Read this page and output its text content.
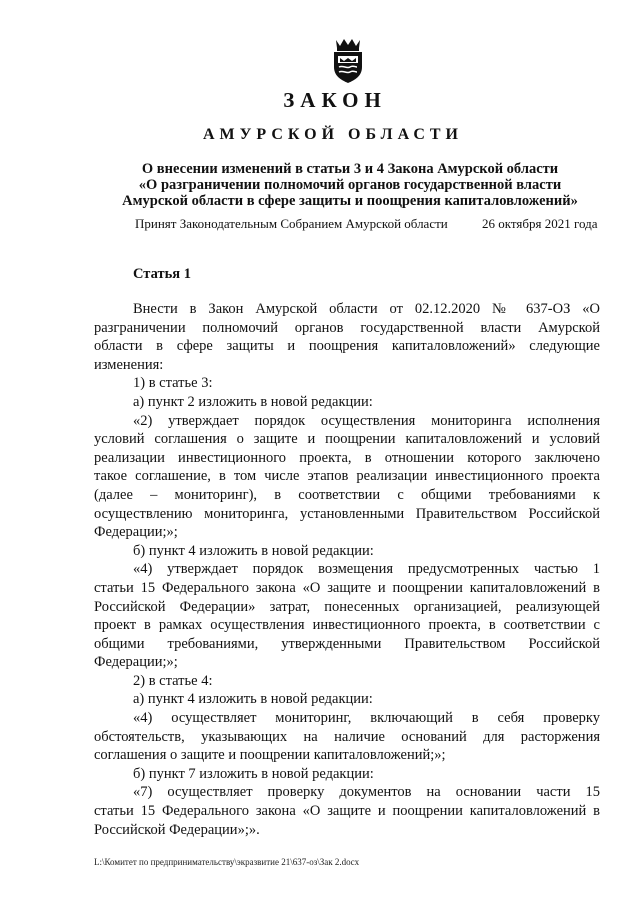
ЗАКОН
АМУРСКОЙ ОБЛАСТИ
О внесении изменений в статьи 3 и 4 Закона Амурской области
«О разграничении полномочий органов государственной власти
Амурской области в сфере защиты и поощрения капиталовложений»
Принят Законодательным Собранием Амурской области	26 октября 2021 года
Статья 1
Внести в Закон Амурской области от 02.12.2020 № 637-ОЗ «О
разграничении полномочий органов государственной власти Амурской
области в сфере защиты и поощрения капиталовложений» следующие
изменения:
1) в статье 3:
а) пункт 2 изложить в новой редакции:
«2) утверждает порядок осуществления мониторинга исполнения
условий соглашения о защите и поощрении капиталовложений и условий
реализации инвестиционного проекта, в отношении которого заключено
такое соглашение, в том числе этапов реализации инвестиционного проекта
(далее – мониторинг), в соответствии с общими требованиями к
осуществлению мониторинга, установленными Правительством Российской
Федерации;»;
б) пункт 4 изложить в новой редакции:
«4) утверждает порядок возмещения предусмотренных частью 1
статьи 15 Федерального закона «О защите и поощрении капиталовложений в
Российской Федерации» затрат, понесенных организацией, реализующей
проект в рамках осуществления инвестиционного проекта, в соответствии с
общими требованиями, утвержденными Правительством Российской
Федерации;»;
2) в статье 4:
а) пункт 4 изложить в новой редакции:
«4) осуществляет мониторинг, включающий в себя проверку
обстоятельств, указывающих на наличие оснований для расторжения
соглашения о защите и поощрении капиталовложений;»;
б) пункт 7 изложить в новой редакции:
«7) осуществляет проверку документов на основании части 15
статьи 15 Федерального закона «О защите и поощрении капиталовложений в
Российской Федерации»;».
L:\Комитет по предпринимательству\экразвитие 21\637-оз\Зак 2.docx
